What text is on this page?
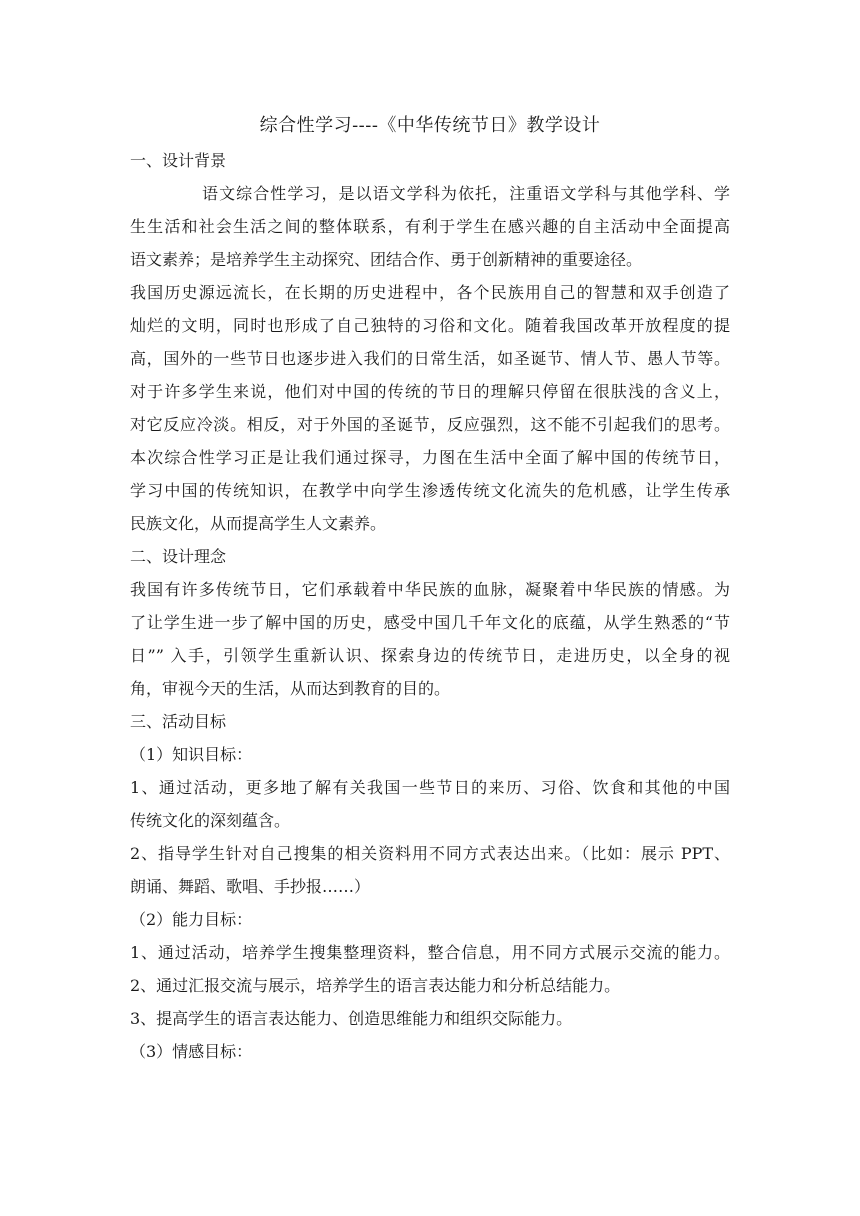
综合性学习----《中华传统节日》教学设计
一、设计背景
语文综合性学习，是以语文学科为依托，注重语文学科与其他学科、学
生生活和社会生活之间的整体联系，有利于学生在感兴趣的自主活动中全面提高
语文素养；是培养学生主动探究、团结合作、勇于创新精神的重要途径。
我国历史源远流长，在长期的历史进程中，各个民族用自己的智慧和双手创造了
灿烂的文明，同时也形成了自己独特的习俗和文化。随着我国改革开放程度的提
高，国外的一些节日也逐步进入我们的日常生活，如圣诞节、情人节、愚人节等。
对于许多学生来说，他们对中国的传统的节日的理解只停留在很肤浅的含义上，
对它反应冷淡。相反，对于外国的圣诞节，反应强烈，这不能不引起我们的思考。
本次综合性学习正是让我们通过探寻，力图在生活中全面了解中国的传统节日，
学习中国的传统知识，在教学中向学生渗透传统文化流失的危机感，让学生传承
民族文化，从而提高学生人文素养。
二、设计理念
我国有许多传统节日，它们承载着中华民族的血脉，凝聚着中华民族的情感。为
了让学生进一步了解中国的历史，感受中国几千年文化的底蕴，从学生熟悉的“节
日”” 入手，引领学生重新认识、探索身边的传统节日，走进历史，以全身的视
角，审视今天的生活，从而达到教育的目的。
三、活动目标
（1）知识目标：
1、通过活动，更多地了解有关我国一些节日的来历、习俗、饮食和其他的中国
传统文化的深刻蕴含。
2、指导学生针对自己搜集的相关资料用不同方式表达出来。（比如：展示 PPT、
朗诵、舞蹈、歌唱、手抄报……）
（2）能力目标：
1、通过活动，培养学生搜集整理资料，整合信息，用不同方式展示交流的能力。
2、通过汇报交流与展示，培养学生的语言表达能力和分析总结能力。
3、提高学生的语言表达能力、创造思维能力和组织交际能力。
（3）情感目标：
